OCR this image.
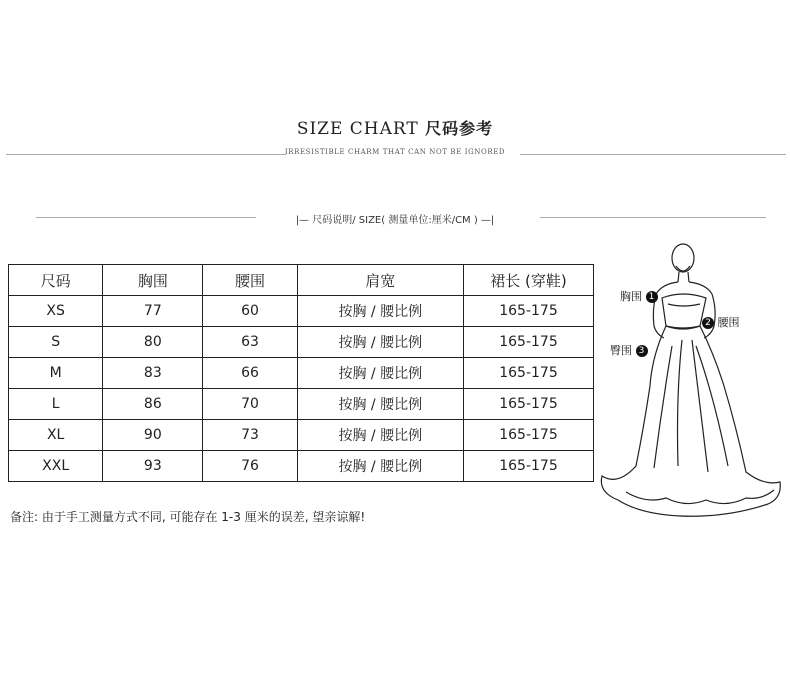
SIZE CHART 尺码参考
IRRESISTIBLE CHARM THAT CAN NOT BE IGNORED
|— 尺码说明/ SIZE( 测量单位:厘米/CM ) —|
尺码	胸围	腰围	肩宽	裙长 (穿鞋)
XS	77	60	按胸 / 腰比例	165-175
S	80	63	按胸 / 腰比例	165-175
M	83	66	按胸 / 腰比例	165-175
L	86	70	按胸 / 腰比例	165-175
XL	90	73	按胸 / 腰比例	165-175
XXL	93	76	按胸 / 腰比例	165-175
备注: 由于手工测量方式不同, 可能存在 1-3 厘米的误差, 望亲谅解!
胸围 1
2 腰围
臀围 3
